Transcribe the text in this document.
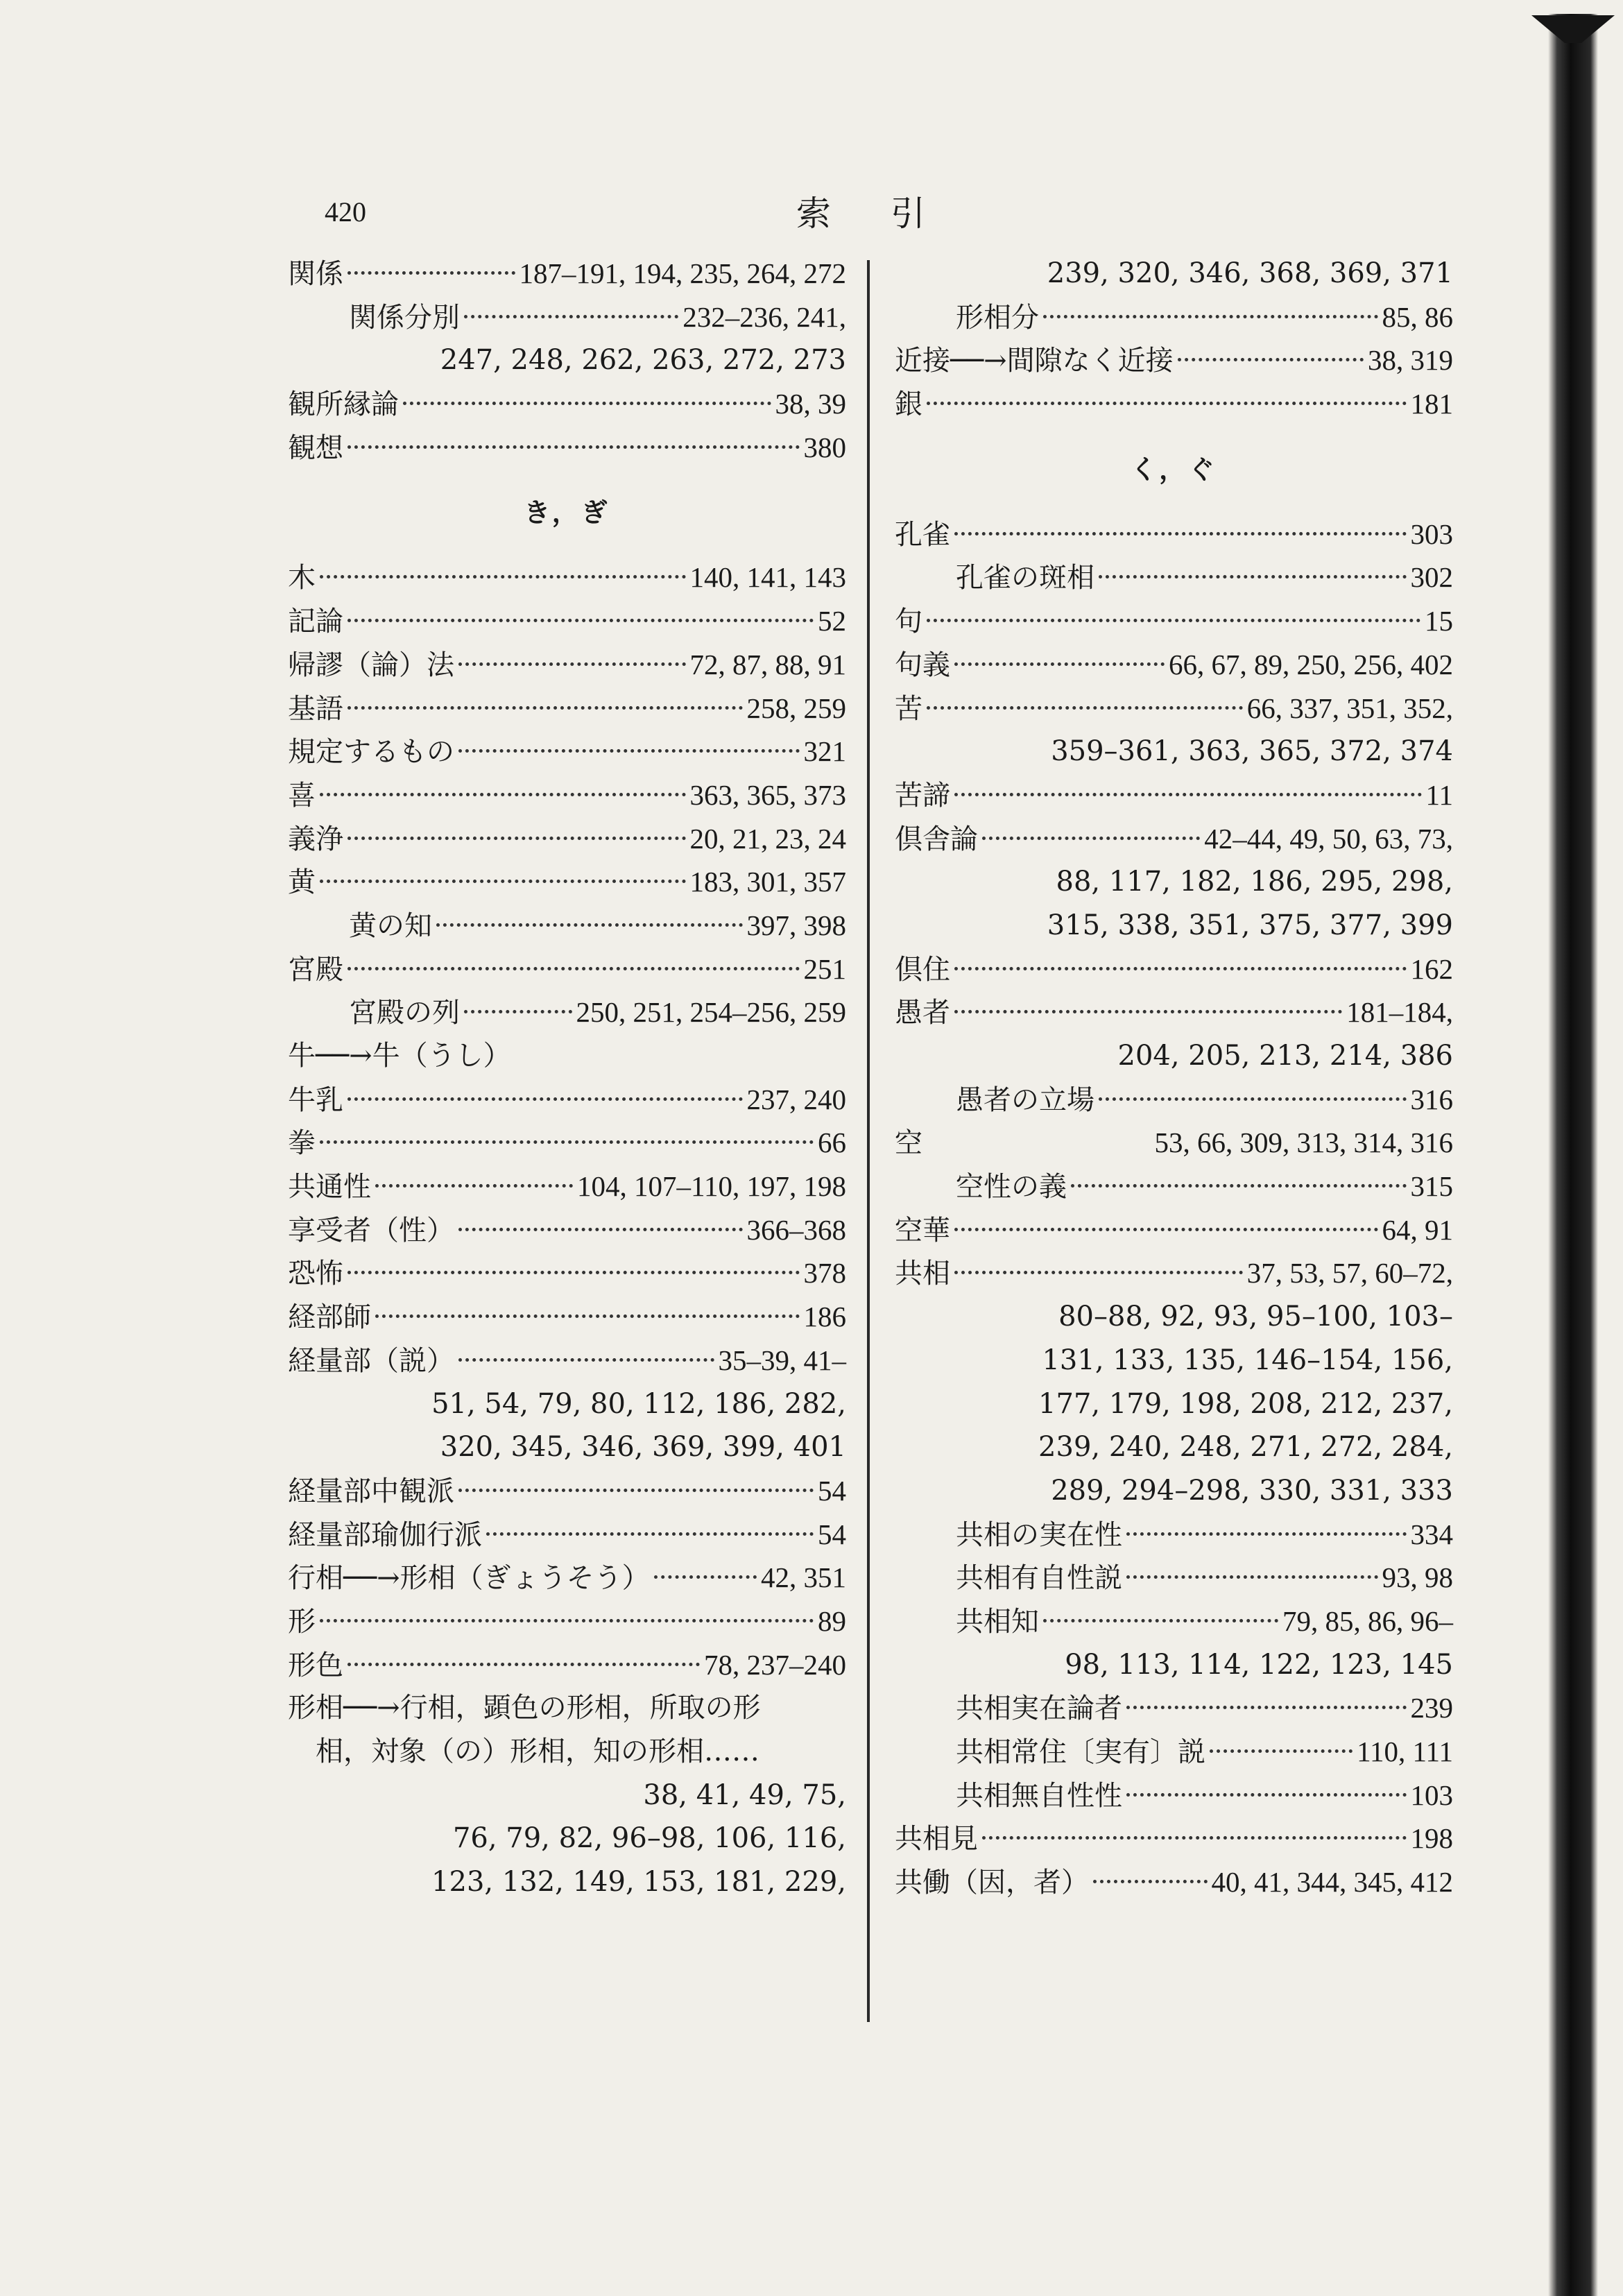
420	索引
関係	187–191, 194, 235, 264, 272
関係分別	232–236, 241,
247, 248, 262, 263, 272, 273
観所縁論	38, 39
観想	380
き，ぎ
木	140, 141, 143
記論	52
帰謬（論）法	72, 87, 88, 91
基語	258, 259
規定するもの	321
喜	363, 365, 373
義浄	20, 21, 23, 24
黄	183, 301, 357
黄の知	397, 398
宮殿	251
宮殿の列	250, 251, 254–256, 259
牛──→牛（うし）
牛乳	237, 240
拳	66
共通性	104, 107–110, 197, 198
享受者（性）	366–368
恐怖	378
経部師	186
経量部（説）	35–39, 41–
51, 54, 79, 80, 112, 186, 282,
320, 345, 346, 369, 399, 401
経量部中観派	54
経量部瑜伽行派	54
行相──→形相（ぎょうそう）	42, 351
形	89
形色	78, 237–240
形相──→行相，顕色の形相，所取の形
相，対象（の）形相，知の形相……
38, 41, 49, 75,
76, 79, 82, 96–98, 106, 116,
123, 132, 149, 153, 181, 229,
239, 320, 346, 368, 369, 371
形相分	85, 86
近接──→間隙なく近接	38, 319
銀	181
く，ぐ
孔雀	303
孔雀の斑相	302
句	15
句義	66, 67, 89, 250, 256, 402
苦	66, 337, 351, 352,
359–361, 363, 365, 372, 374
苦諦	11
倶舎論	42–44, 49, 50, 63, 73,
88, 117, 182, 186, 295, 298,
315, 338, 351, 375, 377, 399
倶住	162
愚者	181–184,
204, 205, 213, 214, 386
愚者の立場	316
空	53, 66, 309, 313, 314, 316
空性の義	315
空華	64, 91
共相	37, 53, 57, 60–72,
80–88, 92, 93, 95–100, 103–
131, 133, 135, 146–154, 156,
177, 179, 198, 208, 212, 237,
239, 240, 248, 271, 272, 284,
289, 294–298, 330, 331, 333
共相の実在性	334
共相有自性説	93, 98
共相知	79, 85, 86, 96–
98, 113, 114, 122, 123, 145
共相実在論者	239
共相常住〔実有〕説	110, 111
共相無自性性	103
共相見	198
共働（因，者）	40, 41, 344, 345, 412
